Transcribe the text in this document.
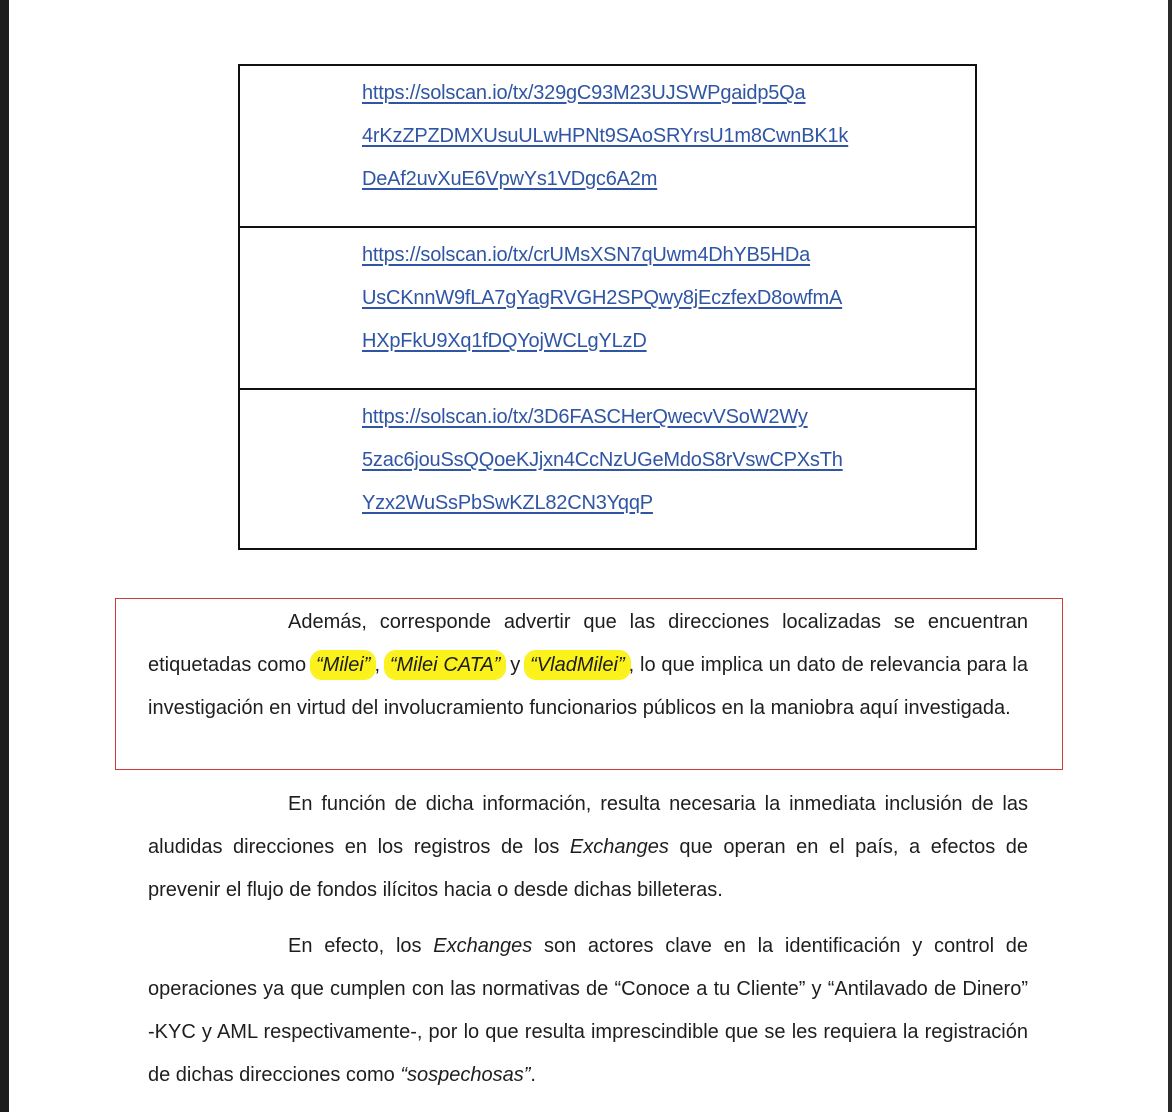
https://solscan.io/tx/329gC93M23UJSWPgaidp5Qa
4rKzZPZDMXUsuULwHPNt9SAoSRYrsU1m8CwnBK1k
DeAf2uvXuE6VpwYs1VDgc6A2m
https://solscan.io/tx/crUMsXSN7qUwm4DhYB5HDa
UsCKnnW9fLA7gYagRVGH2SPQwy8jEczfexD8owfmA
HXpFkU9Xq1fDQYojWCLgYLzD
https://solscan.io/tx/3D6FASCHerQwecvVSoW2Wy
5zac6jouSsQQoeKJjxn4CcNzUGeMdoS8rVswCPXsTh
Yzx2WuSsPbSwKZL82CN3YqqP

Además, corresponde advertir que las direcciones localizadas se encuentran etiquetadas como “Milei” , “Milei CATA” y “VladMilei” , lo que implica un dato de relevancia para la investigación en virtud del involucramiento funcionarios públicos en la maniobra aquí investigada.

En función de dicha información, resulta necesaria la inmediata inclusión de las aludidas direcciones en los registros de los Exchanges que operan en el país, a efectos de prevenir el flujo de fondos ilícitos hacia o desde dichas billeteras.

En efecto, los Exchanges son actores clave en la identificación y control de operaciones ya que cumplen con las normativas de “Conoce a tu Cliente” y “Antilavado de Dinero” -KYC y AML respectivamente-, por lo que resulta imprescindible que se les requiera la registración de dichas direcciones como “sospechosas”.
